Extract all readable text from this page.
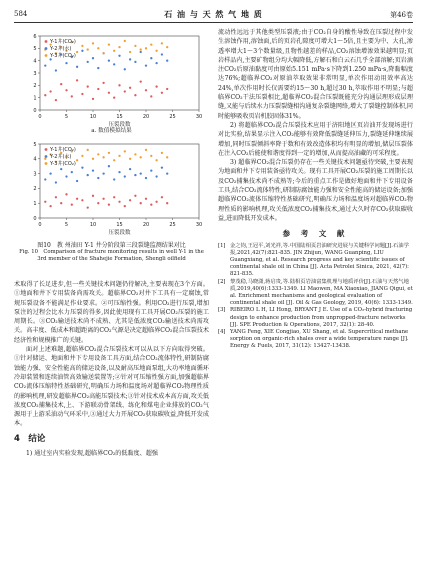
584	石 油 与 天 然 气 地 质	第46卷
0
1
2
3
4
5
6
0	5	10	15	20	25	30
压裂段数
Y-1井(CO₂)
Y-2井(水)
Y-3井(CO₂)
a. 数值模拟结果
0
1
2
3
4
5
0	5	10	15	20	25	30
压裂段数
Y-1井(CO₂)
Y-2井(水)
Y-3井(CO₂)
图10　教 州油田 Y-1 井分阶段第三段裂缝监测结果对比
Fig. 10　Comparison of fracture monitoring results in well Y-1 in the 3rd member of the Shahejie Formation, Shengli oilfield

术取得了长足进步,但一些关键技术问题仍待解决,主要表现在3个方面。①地面和井下专用装备尚需攻关。超临界CO₂对井下工具有一定腐蚀,常规压裂设备不能满足作业要求。②可压缩性强。利用CO₂进行压裂,增加泵注的过程会比水力压裂的得多,因此使用现有工具开展CO₂压裂的施工周期长。③CO₂输送技术尚不成熟、尤其是低浓度CO₂输送技术尚需攻关。高丰度、低成本和超距离的CO₂气源是决定超临界CO₂混合压裂技术经济性和规模推广的关键。

面对上述难题,超临界CO₂混合压裂技术可以从以下方向取得突破。①针对储运、地面和井下专用设备工具方面,结合CO₂流体特性,研制防腐蚀能力强、安全性能高的储运设备,以及耐高压地面泵组,大功率地面循环冷却装置和连续油管高效输送装置等;②针对可压缩性强方面,加强超临界CO₂流体压缩特性基础研究,明确压力场和温度场对超临界CO₂物理性质的影响机理,研发超临界CO₂高能压裂技术;③针对技术成本高方面,攻关低浓度CO₂捕集技术,上、下游联动骨架线、练化和煤电企业排放的CO₂气源用于上游采油动气环采中,③通过大力开展CO₂获取碳收益,降低开发成本。

4　结论

1) 通过室内实验发现,超临界CO₂的低黏度、超强

流动性远远于其他类型压裂液;由于CO₂自身的酸性导致在压裂过程中发生溶蚀作用,溶蚀面,后的页岩孔隙度可增大1～5倍,且主要为中、大孔,渗透率增大1～3个数量级,且物性越差的样品,CO₂溶蚀增渗效果越明显;页岩样品内,主要矿物组分均大幅降低,方解石和白云石几乎全部溶解;页岩滴注CO₂后原油黏度可由原始5.151 mPa·s下降到1.250 mPa·s,降黏幅度达76%;超临界CO₂对原油萃取效果非常明显,单次作用动用效率高达24%,单次作用时长仅需要约15～30 h,超过30 h,萃取作用不明显;与超临界CO₂干法压裂相比,超临界CO₂混合压裂既能充分沟通层理形成层理缝,又能与后续水力压裂裂缝相沟通复杂裂缝网络,增大了裂缝控制体积,同时能够吸收页岩机胶固体31%。

2) 将超临界CO₂混合压裂技术应用于济阳地区页岩油开发现场进行对比实验,结果显示注入CO₂能够有效降低裂缝延伸压力,裂缝延伸继续展增加,同时压裂倾斜率降于数和有效改造体积均有明显的增加,储层压裂体在注入CO₂后能使和谐度得到一定的增加,从而提高油藏的可采程度。

3) 超临界CO₂混合压裂仍存在一些关键技术问题亟待突破,主要表现为地面和井下专用装备亟待攻关。现有工具开展CO₂压裂的施工周期长以及CO₂捕集技术尚不成熟等;今后的重点工作是做好地面和井下专用设备工具,结合CO₂流体特性,研制防腐蚀能力强和安全性能高的储运设备;加强超临界CO₂流体压缩特性基础研究,明确压力场和温度场对超临界CO₂物理性质的影响机理,攻关低浓度CO₂捕集技术,通过大久时存CO₂获取碳收益,进而降低开发成本。

参 考 文 献
[1] 金之钧,王冠平,刘光祥,等.中国陆相页岩油研究进展与关键科学问题[J].石油学报,2021,42(7):821-835. JIN Zhijun, WANG Guanping, LIU Guangxiang, et al. Research progress and key scientific issues of continental shale oil in China [J]. Acta Petrolei Sinica, 2021, 42(7): 821-835.
[2] 黎茂稳,马晓潇,蒋启贵,等.陆相页岩油富集机理与地质评价[J].石油与天然气地质,2019,40(6):1333-1349. LI Maowen, MA Xiaoxiao, JIANG Qigui, et al. Enrichment mechanisms and geological evaluation of continental shale oil [J]. Oil & Gas Geology, 2019, 40(6): 1333-1349.
[3] RIBEIRO L H, LI Hong, BRYANT J E. Use of a CO₂-hybrid fracturing design to enhance production from unpropped-fracture networks [J]. SPE Production & Operations, 2017, 32(1): 28-40.
[4] YANG Feng, XIE Congjiao, XU Shang, et al. Supercritical methane sorption on organic-rich shales over a wide temperature range [J]. Energy & Fuels, 2017, 31(12): 13427-13438.
